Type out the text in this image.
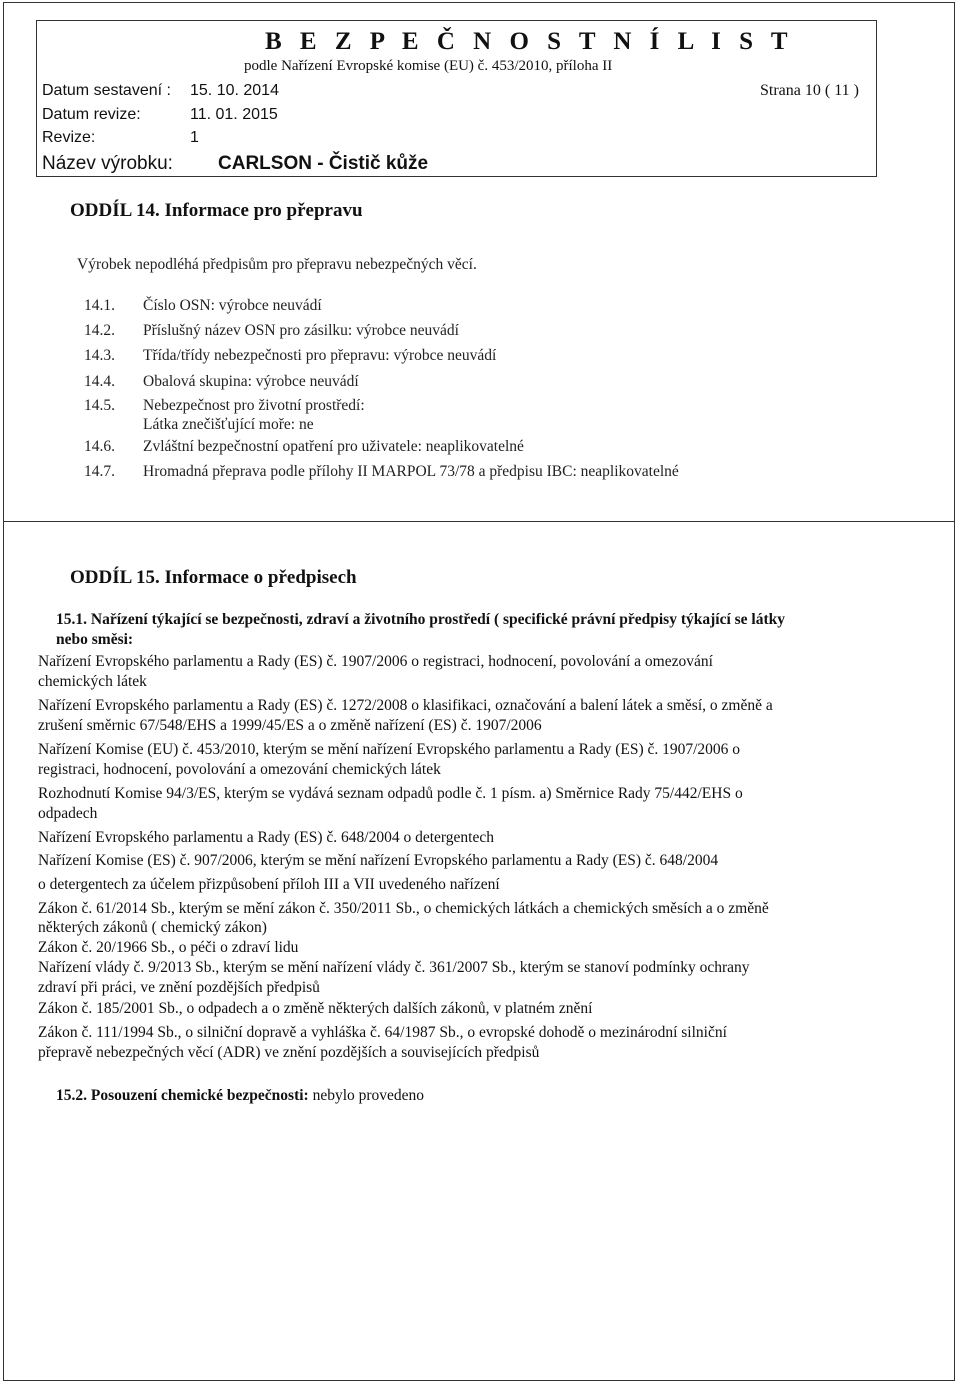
B E Z P E Č N O S T N Í L I S T
podle Nařízení Evropské komise (EU) č. 453/2010, příloha II
Datum sestavení : 15. 10. 2014	Strana 10 ( 11 )
Datum revize:	11. 01. 2015
Revize:	1
Název výrobku: CARLSON - Čistič kůže
ODDÍL 14. Informace pro přepravu
Výrobek nepodléhá předpisům pro přepravu nebezpečných věcí.
14.1. Číslo OSN: výrobce neuvádí
14.2. Příslušný název OSN pro zásilku: výrobce neuvádí
14.3. Třída/třídy nebezpečnosti pro přepravu: výrobce neuvádí
14.4. Obalová skupina: výrobce neuvádí
14.5. Nebezpečnost pro životní prostředí:
Látka znečišťující moře: ne
14.6. Zvláštní bezpečnostní opatření pro uživatele: neaplikovatelné
14.7. Hromadná přeprava podle přílohy II MARPOL 73/78 a předpisu IBC: neaplikovatelné
ODDÍL 15. Informace o předpisech
15.1. Nařízení týkající se bezpečnosti, zdraví a životního prostředí ( specifické právní předpisy týkající se látky
nebo směsi:
Nařízení Evropského parlamentu a Rady (ES) č. 1907/2006 o registraci, hodnocení, povolování a omezování
chemických látek
Nařízení Evropského parlamentu a Rady (ES) č. 1272/2008 o klasifikaci, označování a balení látek a směsí, o změně a
zrušení směrnic 67/548/EHS a 1999/45/ES a o změně nařízení (ES) č. 1907/2006
Nařízení Komise (EU) č. 453/2010, kterým se mění nařízení Evropského parlamentu a Rady (ES) č. 1907/2006 o
registraci, hodnocení, povolování a omezování chemických látek
Rozhodnutí Komise 94/3/ES, kterým se vydává seznam odpadů podle č. 1 písm. a) Směrnice Rady 75/442/EHS o
odpadech
Nařízení Evropského parlamentu a Rady (ES) č. 648/2004 o detergentech
Nařízení Komise (ES) č. 907/2006, kterým se mění nařízení Evropského parlamentu a Rady (ES) č. 648/2004
o detergentech za účelem přizpůsobení příloh III a VII uvedeného nařízení
Zákon č. 61/2014 Sb., kterým se mění zákon č. 350/2011 Sb., o chemických látkách a chemických směsích a o změně
některých zákonů ( chemický zákon)
Zákon č. 20/1966 Sb., o péči o zdraví lidu
Nařízení vlády č. 9/2013 Sb., kterým se mění nařízení vlády č. 361/2007 Sb., kterým se stanoví podmínky ochrany
zdraví při práci, ve znění pozdějších předpisů
Zákon č. 185/2001 Sb., o odpadech a o změně některých dalších zákonů, v platném znění
Zákon č. 111/1994 Sb., o silniční dopravě a vyhláška č. 64/1987 Sb., o evropské dohodě o mezinárodní silniční
přepravě nebezpečných věcí (ADR) ve znění pozdějších a souvisejících předpisů
15.2. Posouzení chemické bezpečnosti: nebylo provedeno
